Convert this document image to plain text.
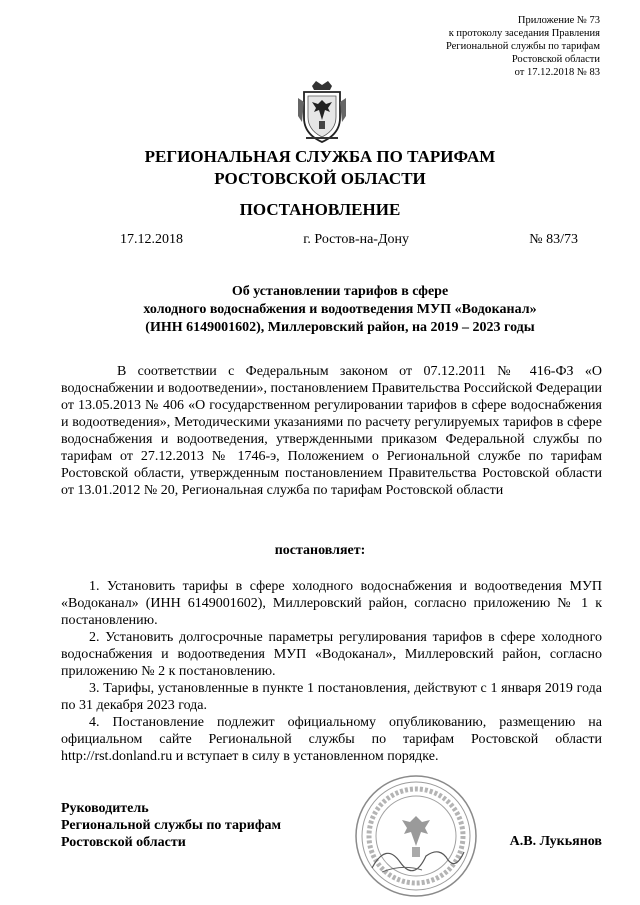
Приложение № 73
к протоколу заседания Правления
Региональной службы по тарифам
Ростовской области
от 17.12.2018 № 83
РЕГИОНАЛЬНАЯ СЛУЖБА ПО ТАРИФАМ
РОСТОВСКОЙ ОБЛАСТИ
ПОСТАНОВЛЕНИЕ
17.12.2018	г. Ростов-на-Дону	№ 83/73
Об установлении тарифов в сфере
холодного водоснабжения и водоотведения МУП «Водоканал»
(ИНН 6149001602), Миллеровский район, на 2019 – 2023 годы
В соответствии с Федеральным законом от 07.12.2011 № 416-ФЗ «О водоснабжении и водоотведении», постановлением Правительства Российской Федерации от 13.05.2013 № 406 «О государственном регулировании тарифов в сфере водоснабжения и водоотведения», Методическими указаниями по расчету регулируемых тарифов в сфере водоснабжения и водоотведения, утвержденными приказом Федеральной службы по тарифам от 27.12.2013 № 1746-э, Положением о Региональной службе по тарифам Ростовской области, утвержденным постановлением Правительства Ростовской области от 13.01.2012 № 20, Региональная служба по тарифам Ростовской области
постановляет:

1. Установить тарифы в сфере холодного водоснабжения и водоотведения МУП «Водоканал» (ИНН 6149001602), Миллеровский район, согласно приложению № 1 к постановлению.

2. Установить долгосрочные параметры регулирования тарифов в сфере холодного водоснабжения и водоотведения МУП «Водоканал», Миллеровский район, согласно приложению № 2 к постановлению.

3. Тарифы, установленные в пункте 1 постановления, действуют с 1 января 2019 года по 31 декабря 2023 года.

4. Постановление подлежит официальному опубликованию, размещению на официальном сайте Региональной службы по тарифам Ростовской области http://rst.donland.ru и вступает в силу в установленном порядке.

Руководитель
Региональной службы по тарифам
Ростовской области	А.В. Лукьянов
